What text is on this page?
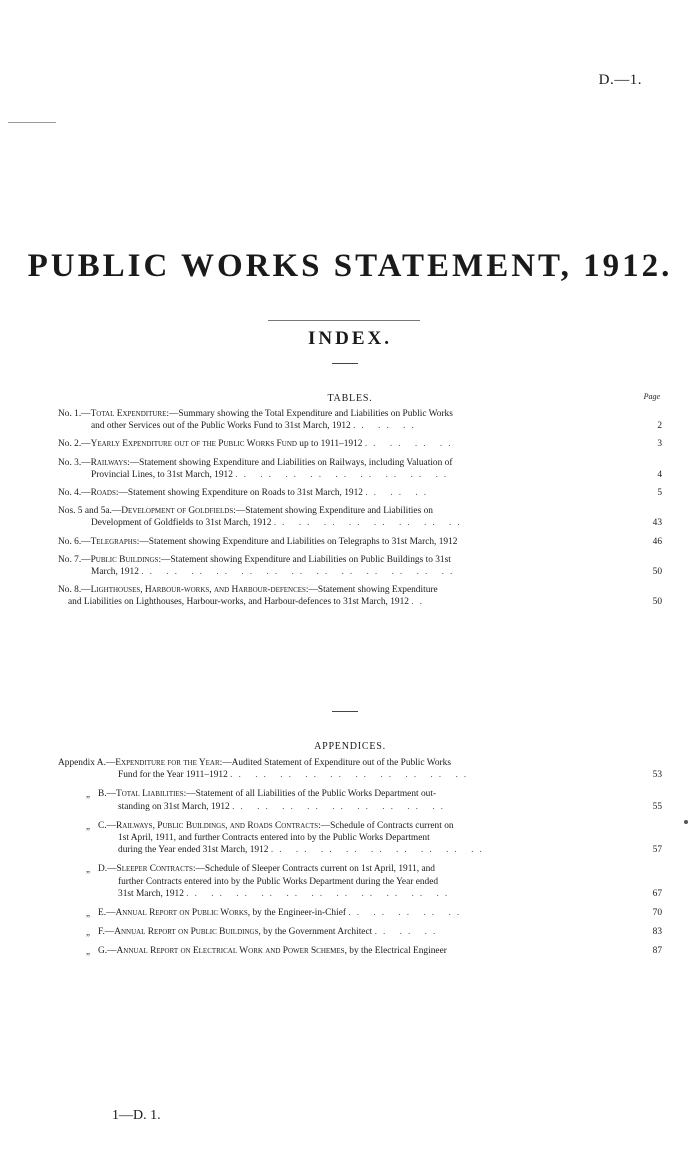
D.—1.
PUBLIC WORKS STATEMENT, 1912.
INDEX.
TABLES.	Page
No. 1.—Total Expenditure:—Summary showing the Total Expenditure and Liabilities on Public Works
and other Services out of the Public Works Fund to 31st March, 1912 .. .. ..	2
No. 2.—Yearly Expenditure out of the Public Works Fund up to 1911–1912 .. .. .. ..	3
No. 3.—Railways:—Statement showing Expenditure and Liabilities on Railways, including Valuation of
Provincial Lines, to 31st March, 1912 .. .. .. .. .. .. .. .. ..	4
No. 4.—Roads:—Statement showing Expenditure on Roads to 31st March, 1912 .. .. ..	5
Nos. 5 and 5a.—Development of Goldfields:—Statement showing Expenditure and Liabilities on
Development of Goldfields to 31st March, 1912 .. .. .. .. .. .. .. ..	43
No. 6.—Telegraphs:—Statement showing Expenditure and Liabilities on Telegraphs to 31st March, 1912	46
No. 7.—Public Buildings:—Statement showing Expenditure and Liabilities on Public Buildings to 31st
March, 1912 .. .. .. .. .. .. .. .. .. .. .. .. ..	50
No. 8.—Lighthouses, Harbour-works, and Harbour-defences:—Statement showing Expenditure
and Liabilities on Lighthouses, Harbour-works, and Harbour-defences to 31st March, 1912 ..	50
APPENDICES.
Appendix A.—Expenditure for the Year:—Audited Statement of Expenditure out of the Public Works
Fund for the Year 1911–1912 .. .. .. .. .. .. .. .. .. ..	53
„ B.—Total Liabilities:—Statement of all Liabilities of the Public Works Department out-
standing on 31st March, 1912 .. .. .. .. .. .. .. .. ..	55
„ C.—Railways, Public Buildings, and Roads Contracts:—Schedule of Contracts current on
1st April, 1911, and further Contracts entered into by the Public Works Department
during the Year ended 31st March, 1912 .. .. .. .. .. .. .. .. ..	57
„ D.—Sleeper Contracts:—Schedule of Sleeper Contracts current on 1st April, 1911, and
further Contracts entered into by the Public Works Department during the Year ended
31st March, 1912 .. .. .. .. .. .. .. .. .. .. ..	67
„ E.—Annual Report on Public Works, by the Engineer-in-Chief .. .. .. .. ..	70
„ F.—Annual Report on Public Buildings, by the Government Architect .. .. ..	83
„ G.—Annual Report on Electrical Work and Power Schemes, by the Electrical Engineer	87
1—D. 1.
